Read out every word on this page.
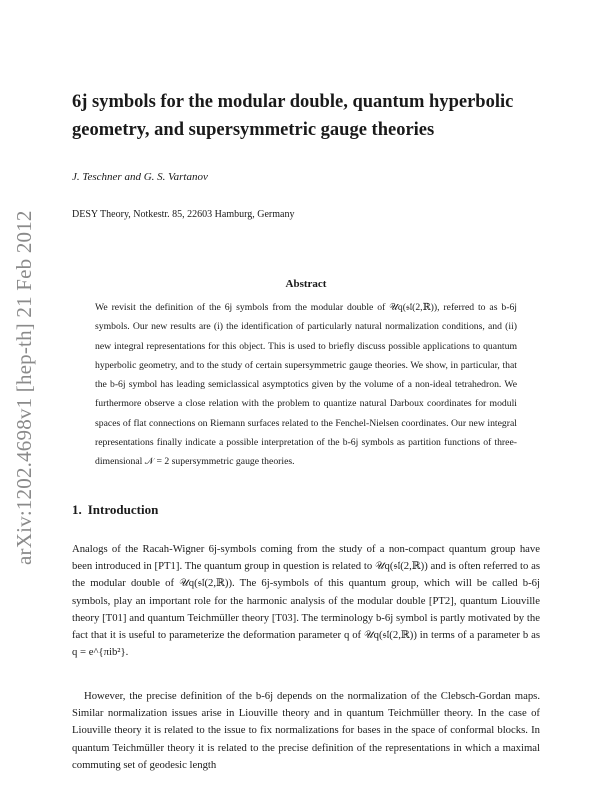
arXiv:1202.4698v1 [hep-th] 21 Feb 2012
6j symbols for the modular double, quantum hyperbolic geometry, and supersymmetric gauge theories
J. Teschner and G. S. Vartanov
DESY Theory, Notkestr. 85, 22603 Hamburg, Germany
Abstract

We revisit the definition of the 6j symbols from the modular double of 𝒰q(𝔰𝔩(2,ℝ)), referred to as b-6j symbols. Our new results are (i) the identification of particularly natural normalization conditions, and (ii) new integral representations for this object. This is used to briefly discuss possible applications to quantum hyperbolic geometry, and to the study of certain supersymmetric gauge theories. We show, in particular, that the b-6j symbol has leading semiclassical asymptotics given by the volume of a non-ideal tetrahedron. We furthermore observe a close relation with the problem to quantize natural Darboux coordinates for moduli spaces of flat connections on Riemann surfaces related to the Fenchel-Nielsen coordinates. Our new integral representations finally indicate a possible interpretation of the b-6j symbols as partition functions of three-dimensional 𝒩 = 2 supersymmetric gauge theories.

1. Introduction

Analogs of the Racah-Wigner 6j-symbols coming from the study of a non-compact quantum group have been introduced in [PT1]. The quantum group in question is related to 𝒰q(𝔰𝔩(2,ℝ)) and is often referred to as the modular double of 𝒰q(𝔰𝔩(2,ℝ)). The 6j-symbols of this quantum group, which will be called b-6j symbols, play an important role for the harmonic analysis of the modular double [PT2], quantum Liouville theory [T01] and quantum Teichmüller theory [T03]. The terminology b-6j symbol is partly motivated by the fact that it is useful to parameterize the deformation parameter q of 𝒰q(𝔰𝔩(2,ℝ)) in terms of a parameter b as q = e^{πib²}.

However, the precise definition of the b-6j depends on the normalization of the Clebsch-Gordan maps. Similar normalization issues arise in Liouville theory and in quantum Teichmüller theory. In the case of Liouville theory it is related to the issue to fix normalizations for bases in the space of conformal blocks. In quantum Teichmüller theory it is related to the precise definition of the representations in which a maximal commuting set of geodesic length
